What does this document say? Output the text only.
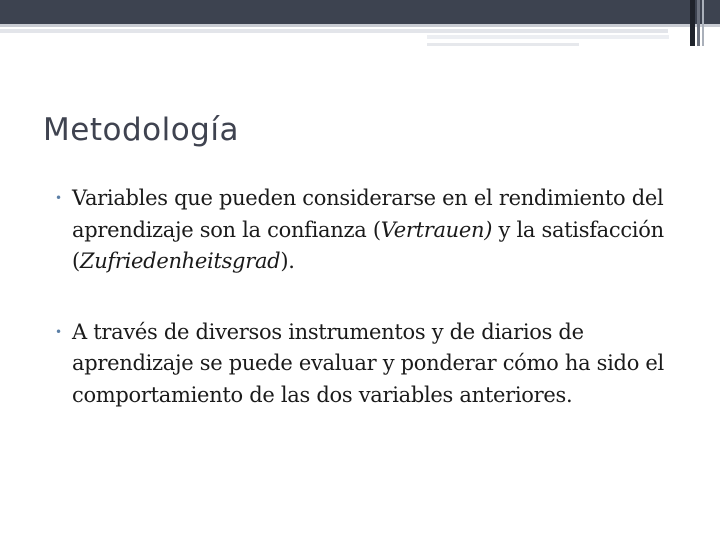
Metodología
• Variables que pueden considerarse en el rendimiento del aprendizaje son la confianza (Vertrauen) y la satisfacción (Zufriedenheitsgrad).
• A través de diversos instrumentos y de diarios de aprendizaje se puede evaluar y ponderar cómo ha sido el comportamiento de las dos variables anteriores.
